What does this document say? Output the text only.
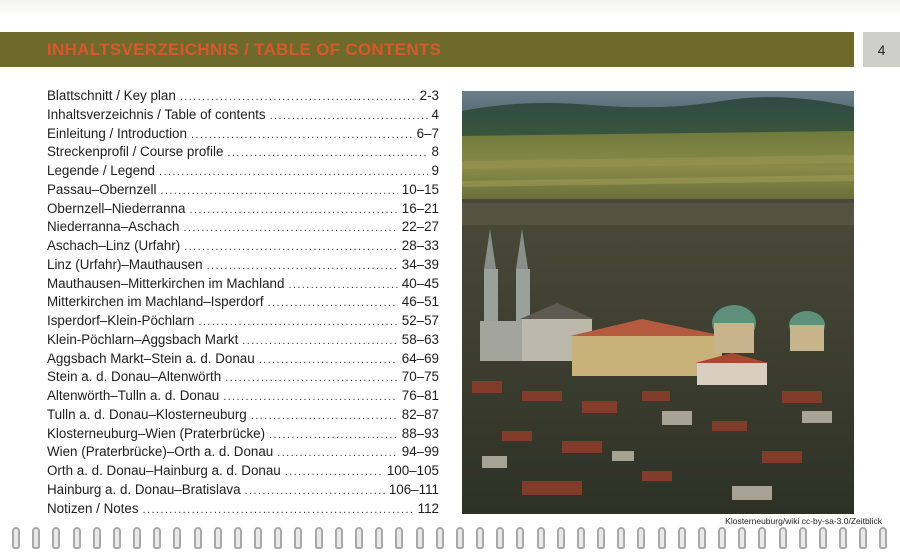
INHALTSVERZEICHNIS / TABLE OF CONTENTS	4
Blattschnitt / Key plan .....	2-3
Inhaltsverzeichnis / Table of contents .....	4
Einleitung / Introduction .....	6–7
Streckenprofil / Course profile .....	8
Legende / Legend .....	9
Passau–Obernzell .....	10–15
Obernzell–Niederranna .....	16–21
Niederranna–Aschach .....	22–27
Aschach–Linz (Urfahr) .....	28–33
Linz (Urfahr)–Mauthausen .....	34–39
Mauthausen–Mitterkirchen im Machland .....	40–45
Mitterkirchen im Machland–Isperdorf .....	46–51
Isperdorf–Klein-Pöchlarn .....	52–57
Klein-Pöchlarn–Aggsbach Markt .....	58–63
Aggsbach Markt–Stein a. d. Donau .....	64–69
Stein a. d. Donau–Altenwörth .....	70–75
Altenwörth–Tulln a. d. Donau .....	76–81
Tulln a. d. Donau–Klosterneuburg .....	82–87
Klosterneuburg–Wien (Praterbrücke) .....	88–93
Wien (Praterbrücke)–Orth a. d. Donau .....	94–99
Orth a. d. Donau–Hainburg a. d. Donau .....	100–105
Hainburg a. d. Donau–Bratislava .....	106–111
Notizen / Notes .....	112
Klosterneuburg/wiki cc-by-sa-3.0/Zeitblick
